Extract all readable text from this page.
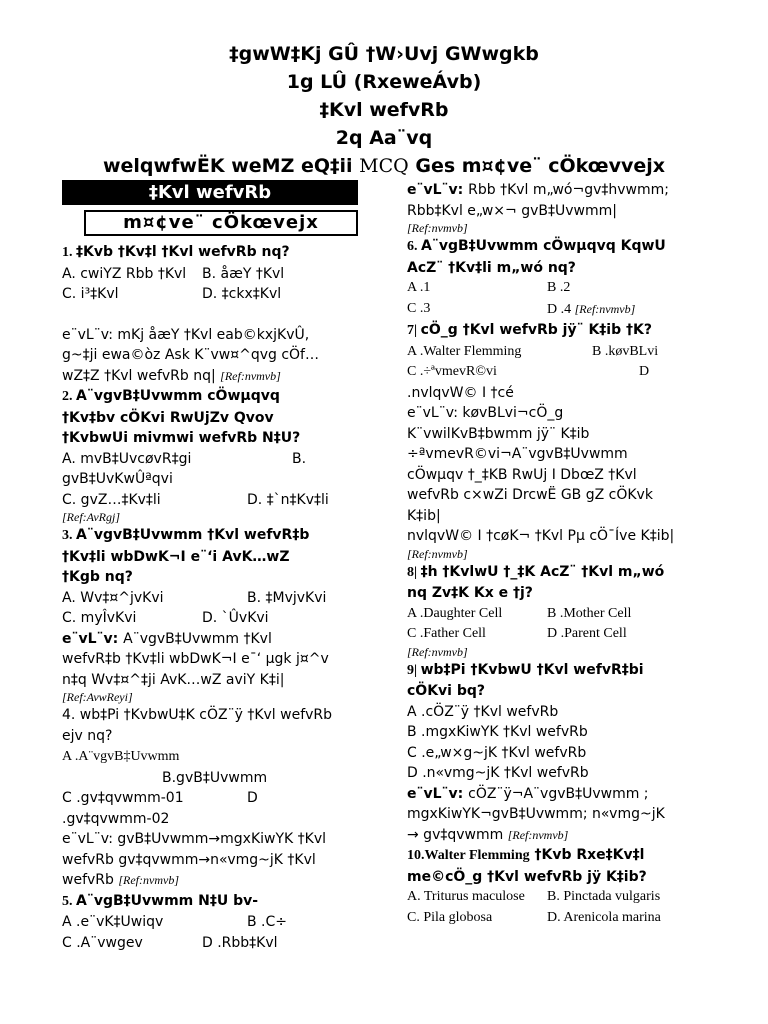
‡gwW‡Kj GÛ †W›Uvj GWwgkb
1g LÛ (RxeweÁvb)
‡Kvl wefvRb
2q Aa¨vq
welqwfwËK weMZ eQ‡ii MCQ Ges m¤¢ve¨ cÖkœvvejx
‡Kvl wefvRb
m¤¢ve¨ cÖkœvejx
1. ‡Kvb †Kv‡l †Kvl wefvRb nq?
A. cwiYZ Rbb †Kvl	B. åæY †Kvl
C. i³‡Kvl	D. ‡ckx‡Kvl
e¨vL¨v: mKj åæY †Kvl eab©kxjKvÛ,
g~‡ji ewa©òz Ask K¨vw¤^qvg cÖf…
wZ‡Z †Kvl wefvRb nq| [Ref:nvmvb]
2. A¨vgvB‡Uvwmm cÖwµqvq
†Kv‡bv cÖKvi RwUjZv Qvov
†KvbwUi mivmwi wefvRb N‡U?
A. mvB‡UvcøvR‡gi	B.
gvB‡UvKwÛªqvi
C. gvZ…‡Kv‡li	D. ‡`n‡Kv‡li
[Ref:AvRgj]
3. A¨vgvB‡Uvwmm †Kvl wefvR‡b
†Kv‡li wbDwK¬I e¨‘i AvK…wZ
†Kgb nq?
A. Wv‡¤^jvKvi	B. ‡MvjvKvi
C. myÎvKvi	D. `ÛvKvi
e¨vL¨v: A¨vgvB‡Uvwmm †Kvl
wefvR‡b †Kv‡li wbDwK¬I e¯‘ µgk j¤^v
n‡q Wv‡¤^‡ji AvK…wZ aviY K‡i|
[Ref:AvwReyi]
4. wb‡Pi †KvbwU‡K cÖZ¨ÿ †Kvl wefvRb
ejv nq?
A .A¨vgvB‡Uvwmm
B.gvB‡Uvwmm
C .gv‡qvwmm-01	D
.gv‡qvwmm-02
e¨vL¨v: gvB‡Uvwmm→mgxKiwYK †Kvl
wefvRb gv‡qvwmm→n«vmg~jK †Kvl
wefvRb [Ref:nvmvb]
5. A¨vgB‡Uvwmm N‡U bv-
A .e¨vK‡Uwiqv	B .C÷
C .A¨vwgev	D .Rbb‡Kvl
e¨vL¨v: Rbb †Kvl m„wó¬gv‡hvwmm;
Rbb‡Kvl e„w×¬ gvB‡Uvwmm|
[Ref:nvmvb]
6. A¨vgB‡Uvwmm cÖwµqvq KqwU
AcZ¨ †Kv‡li m„wó nq?
A .1	B .2
C .3	D .4 [Ref:nvmvb]
7| cÖ_g †Kvl wefvRb jÿ¨ K‡ib †K?
A .Walter Flemming	B .køvBLvi
C .÷ªvmevR©vi	D
.nvlqvW© I †cé
e¨vL¨v: køvBLvi¬cÖ_g
K¨vwilKvB‡bwmm jÿ¨ K‡ib
÷ªvmevR©vi¬A¨vgvB‡Uvwmm
cÖwµqv †_‡KB RwUj I DbœZ †Kvl
wefvRb c×wZi DrcwË GB gZ cÖKvk
K‡ib|
nvlqvW© I †cøK¬ †Kvl Pµ cÖ¯Íve K‡ib|
[Ref:nvmvb]
8| ‡h †KvlwU †_‡K AcZ¨ †Kvl m„wó
nq Zv‡K Kx e †j?
A .Daughter Cell	B .Mother Cell
C .Father Cell	D .Parent Cell
[Ref:nvmvb]
9| wb‡Pi †KvbwU †Kvl wefvR‡bi
cÖKvi bq?
A .cÖZ¨ÿ †Kvl wefvRb
B .mgxKiwYK †Kvl wefvRb
C .e„w×g~jK †Kvl wefvRb
D .n«vmg~jK †Kvl wefvRb
e¨vL¨v: cÖZ¨ÿ¬A¨vgvB‡Uvwmm ;
mgxKiwYK¬gvB‡Uvwmm; n«vmg~jK
→ gv‡qvwmm [Ref:nvmvb]
10.Walter Flemming †Kvb Rxe‡Kv‡l
me©cÖ_g †Kvl wefvRb jÿ K‡ib?
A. Triturus maculose	B. Pinctada vulgaris
C. Pila globosa	D. Arenicola marina
